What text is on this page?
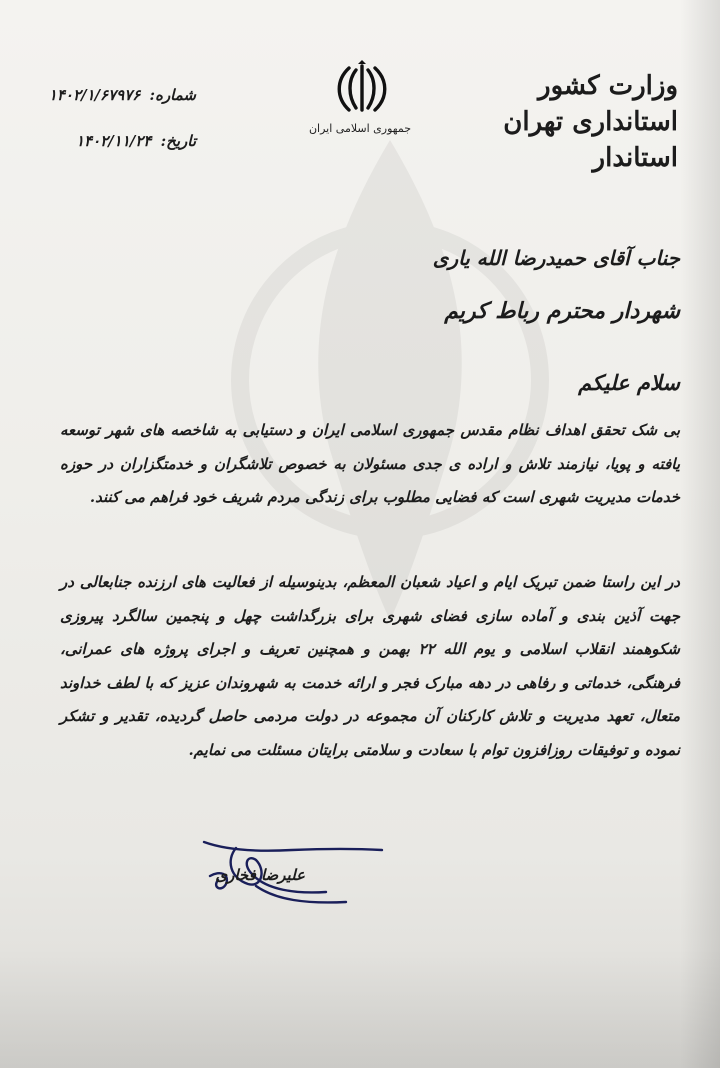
وزارت کشور
استانداری تهران
استاندار
جمهوری اسلامی ایران
شماره: ۱۴۰۲/۱/۶۷۹۷۶
تاریخ: ۱۴۰۲/۱۱/۲۴
جناب آقای حمیدرضا الله یاری
شهردار محترم رباط کریم
سلام علیکم
بی شک تحقق اهداف نظام مقدس جمهوری اسلامی ایران و دستیابی به شاخصه های شهر توسعه یافته و پویا، نیازمند تلاش و اراده ی جدی مسئولان به خصوص تلاشگران و خدمتگزاران در حوزه خدمات مدیریت شهری است که فضایی مطلوب برای زندگی مردم شریف خود فراهم می کنند.
در این راستا ضمن تبریک ایام و اعیاد شعبان المعظم، بدینوسیله از فعالیت های ارزنده جنابعالی در جهت آذین بندی و آماده سازی فضای شهری برای بزرگداشت چهل و پنجمین سالگرد پیروزی شکوهمند انقلاب اسلامی و یوم الله ۲۲ بهمن و همچنین تعریف و اجرای پروژه های عمرانی، فرهنگی، خدماتی و رفاهی در دهه مبارک فجر و ارائه خدمت به شهروندان عزیز که با لطف خداوند متعال، تعهد مدیریت و تلاش کارکنان آن مجموعه در دولت مردمی حاصل گردیده، تقدیر و تشکر نموده و توفیقات روزافزون توام با سعادت و سلامتی برایتان مسئلت می نمایم.
علیرضا فخاری
